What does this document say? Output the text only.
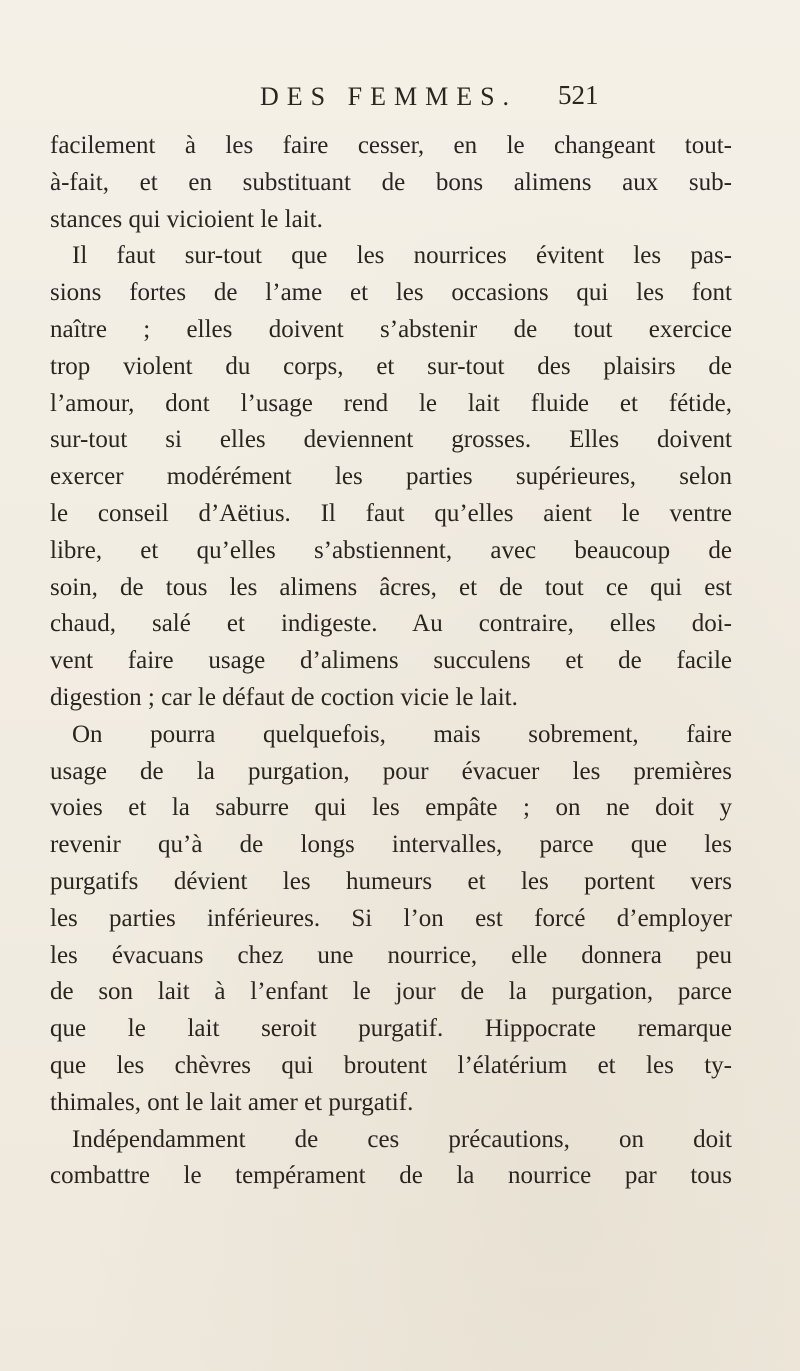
DES FEMMES. 521
facilement à les faire cesser, en le changeant tout-
à-fait, et en substituant de bons alimens aux sub-
stances qui vicioient le lait.
Il faut sur-tout que les nourrices évitent les pas-
sions fortes de l’ame et les occasions qui les font
naître ; elles doivent s’abstenir de tout exercice
trop violent du corps, et sur-tout des plaisirs de
l’amour, dont l’usage rend le lait fluide et fétide,
sur-tout si elles deviennent grosses. Elles doivent
exercer modérément les parties supérieures, selon
le conseil d’Aëtius. Il faut qu’elles aient le ventre
libre, et qu’elles s’abstiennent, avec beaucoup de
soin, de tous les alimens âcres, et de tout ce qui est
chaud, salé et indigeste. Au contraire, elles doi-
vent faire usage d’alimens succulens et de facile
digestion ; car le défaut de coction vicie le lait.
On pourra quelquefois, mais sobrement, faire
usage de la purgation, pour évacuer les premières
voies et la saburre qui les empâte ; on ne doit y
revenir qu’à de longs intervalles, parce que les
purgatifs dévient les humeurs et les portent vers
les parties inférieures. Si l’on est forcé d’employer
les évacuans chez une nourrice, elle donnera peu
de son lait à l’enfant le jour de la purgation, parce
que le lait seroit purgatif. Hippocrate remarque
que les chèvres qui broutent l’élatérium et les ty-
thimales, ont le lait amer et purgatif.
Indépendamment de ces précautions, on doit
combattre le tempérament de la nourrice par tous
